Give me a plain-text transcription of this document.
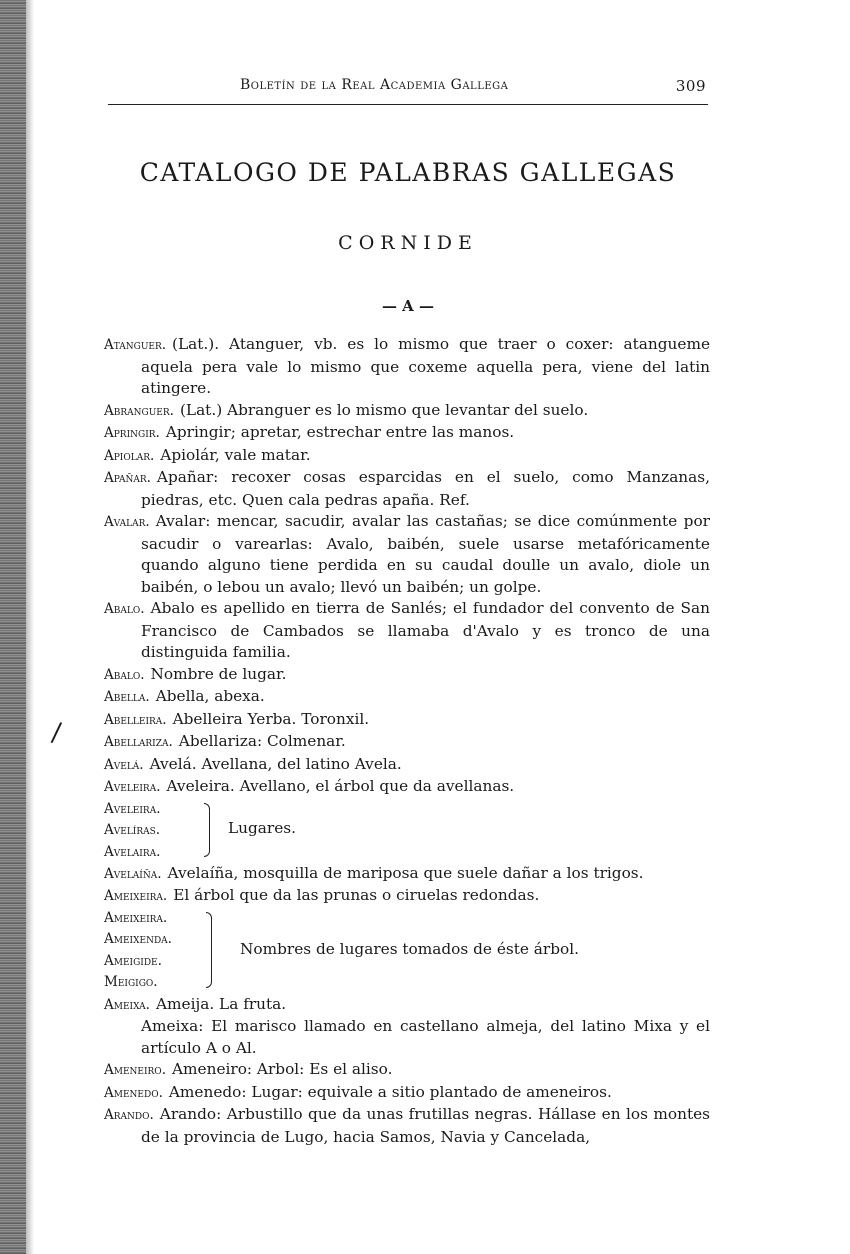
Boletín de la Real Academia Gallega	309
CATALOGO DE PALABRAS GALLEGAS
CORNIDE
— A —
/
Atanguer. (Lat.). Atanguer, vb. es lo mismo que traer o coxer: atangueme aquela pera vale lo mismo que coxeme aquella pera, viene del latin atingere.
Abranguer. (Lat.) Abranguer es lo mismo que levantar del suelo.
Apringir. Apringir; apretar, estrechar entre las manos.
Apiolar. Apiolár, vale matar.
Apañar. Apañar: recoxer cosas esparcidas en el suelo, como Manzanas, piedras, etc. Quen cala pedras apaña. Ref.
Avalar. Avalar: mencar, sacudir, avalar las castañas; se dice comúnmente por sacudir o varearlas: Avalo, baibén, suele usarse metafóricamente quando alguno tiene perdida en su caudal doulle un avalo, diole un baibén, o lebou un avalo; llevó un baibén; un golpe.
Abalo. Abalo es apellido en tierra de Sanlés; el fundador del convento de San Francisco de Cambados se llamaba d'Avalo y es tronco de una distinguida familia.
Abalo. Nombre de lugar.
Abella. Abella, abexa.
Abelleira. Abelleira Yerba. Toronxil.
Abellariza. Abellariza: Colmenar.
Avelá. Avelá. Avellana, del latino Avela.
Aveleira. Aveleira. Avellano, el árbol que da avellanas.
Aveleira.
Avelíras.
Avelaira.
Lugares.
Avelaíña. Avelaíña, mosquilla de mariposa que suele dañar a los trigos.
Ameixeira. El árbol que da las prunas o ciruelas redondas.
Ameixeira.
Ameixenda.
Ameigide.
Meigigo.
Nombres de lugares tomados de éste árbol.
Ameixa. Ameija. La fruta.
Ameixa: El marisco llamado en castellano almeja, del latino Mixa y el artículo A o Al.
Ameneiro. Ameneiro: Arbol: Es el aliso.
Amenedo. Amenedo: Lugar: equivale a sitio plantado de ameneiros.
Arando. Arando: Arbustillo que da unas frutillas negras. Hállase en los montes de la provincia de Lugo, hacia Samos, Navia y Cancelada,
